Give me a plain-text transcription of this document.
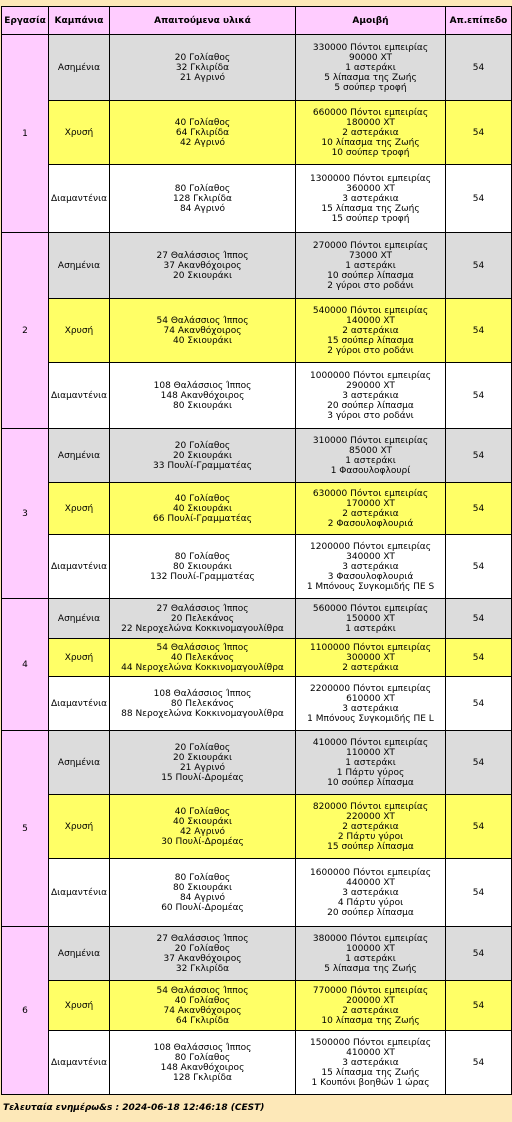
Εργασία	Καμπάνια	Απαιτούμενα υλικά	Αμοιβή	Απ.επίπεδο
1	Ασημένια	20 Γολίαθος
32 Γκλιρίδα
21 Αγρινό	330000 Πόντοι εμπειρίας
90000 XT
1 αστεράκι
5 λίπασμα της Ζωής
5 σούπερ τροφή	54
	Χρυσή	40 Γολίαθος
64 Γκλιρίδα
42 Αγρινό	660000 Πόντοι εμπειρίας
180000 XT
2 αστεράκια
10 λίπασμα της Ζωής
10 σούπερ τροφή	54
	Διαμαντένια	80 Γολίαθος
128 Γκλιρίδα
84 Αγρινό	1300000 Πόντοι εμπειρίας
360000 XT
3 αστεράκια
15 λίπασμα της Ζωής
15 σούπερ τροφή	54
2	Ασημένια	27 Θαλάσσιος Ίππος
37 Ακανθόχοιρος
20 Σκιουράκι	270000 Πόντοι εμπειρίας
73000 XT
1 αστεράκι
10 σούπερ λίπασμα
2 γύροι στο ροδάνι	54
	Χρυσή	54 Θαλάσσιος Ίππος
74 Ακανθόχοιρος
40 Σκιουράκι	540000 Πόντοι εμπειρίας
140000 XT
2 αστεράκια
15 σούπερ λίπασμα
2 γύροι στο ροδάνι	54
	Διαμαντένια	108 Θαλάσσιος Ίππος
148 Ακανθόχοιρος
80 Σκιουράκι	1000000 Πόντοι εμπειρίας
290000 XT
3 αστεράκια
20 σούπερ λίπασμα
3 γύροι στο ροδάνι	54
3	Ασημένια	20 Γολίαθος
20 Σκιουράκι
33 Πουλί-Γραμματέας	310000 Πόντοι εμπειρίας
85000 XT
1 αστεράκι
1 Φασουλοφλουρί	54
	Χρυσή	40 Γολίαθος
40 Σκιουράκι
66 Πουλί-Γραμματέας	630000 Πόντοι εμπειρίας
170000 XT
2 αστεράκια
2 Φασουλοφλουριά	54
	Διαμαντένια	80 Γολίαθος
80 Σκιουράκι
132 Πουλί-Γραμματέας	1200000 Πόντοι εμπειρίας
340000 XT
3 αστεράκια
3 Φασουλοφλουριά
1 Μπόνους Συγκομιδής ΠΕ S	54
4	Ασημένια	27 Θαλάσσιος Ίππος
20 Πελεκάνος
22 Νεροχελώνα Κοκκινομαγουλίθρα	560000 Πόντοι εμπειρίας
150000 XT
1 αστεράκι	54
	Χρυσή	54 Θαλάσσιος Ίππος
40 Πελεκάνος
44 Νεροχελώνα Κοκκινομαγουλίθρα	1100000 Πόντοι εμπειρίας
300000 XT
2 αστεράκια	54
	Διαμαντένια	108 Θαλάσσιος Ίππος
80 Πελεκάνος
88 Νεροχελώνα Κοκκινομαγουλίθρα	2200000 Πόντοι εμπειρίας
610000 XT
3 αστεράκια
1 Μπόνους Συγκομιδής ΠΕ L	54
5	Ασημένια	20 Γολίαθος
20 Σκιουράκι
21 Αγρινό
15 Πουλί-Δρομέας	410000 Πόντοι εμπειρίας
110000 XT
1 αστεράκι
1 Πάρτυ γύρος
10 σούπερ λίπασμα	54
	Χρυσή	40 Γολίαθος
40 Σκιουράκι
42 Αγρινό
30 Πουλί-Δρομέας	820000 Πόντοι εμπειρίας
220000 XT
2 αστεράκια
2 Πάρτυ γύροι
15 σούπερ λίπασμα	54
	Διαμαντένια	80 Γολίαθος
80 Σκιουράκι
84 Αγρινό
60 Πουλί-Δρομέας	1600000 Πόντοι εμπειρίας
440000 XT
3 αστεράκια
4 Πάρτυ γύροι
20 σούπερ λίπασμα	54
6	Ασημένια	27 Θαλάσσιος Ίππος
20 Γολίαθος
37 Ακανθόχοιρος
32 Γκλιρίδα	380000 Πόντοι εμπειρίας
100000 XT
1 αστεράκι
5 λίπασμα της Ζωής	54
	Χρυσή	54 Θαλάσσιος Ίππος
40 Γολίαθος
74 Ακανθόχοιρος
64 Γκλιρίδα	770000 Πόντοι εμπειρίας
200000 XT
2 αστεράκια
10 λίπασμα της Ζωής	54
	Διαμαντένια	108 Θαλάσσιος Ίππος
80 Γολίαθος
148 Ακανθόχοιρος
128 Γκλιρίδα	1500000 Πόντοι εμπειρίας
410000 XT
3 αστεράκια
15 λίπασμα της Ζωής
1 Κουπόνι βοηθών 1 ώρας	54
Τελευταία ενημέρω&s : 2024-06-18 12:46:18 (CEST)
